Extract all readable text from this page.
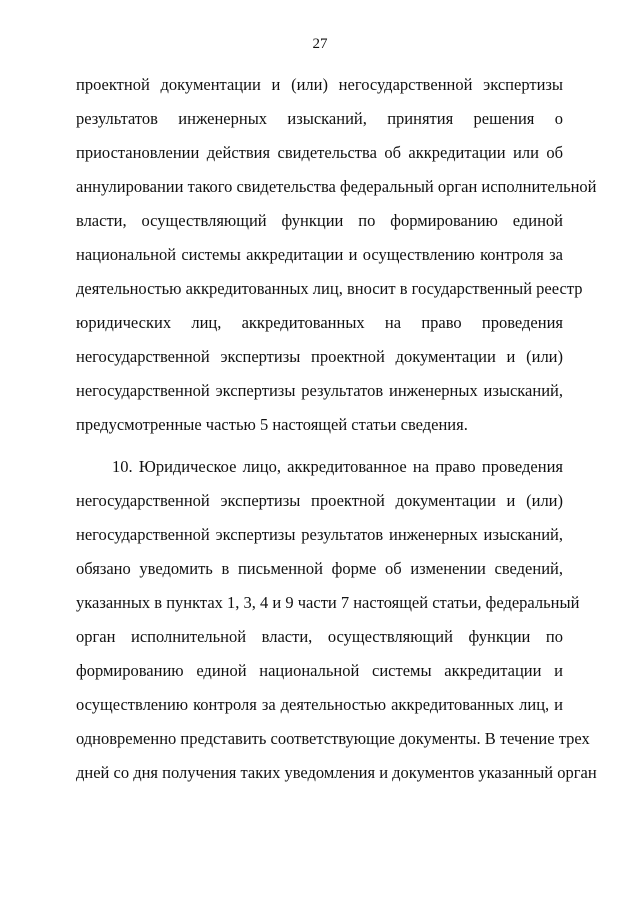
27
проектной документации и (или) негосударственной экспертизы
результатов инженерных изысканий, принятия решения о
приостановлении действия свидетельства об аккредитации или об
аннулировании такого свидетельства федеральный орган исполнительной
власти, осуществляющий функции по формированию единой
национальной системы аккредитации и осуществлению контроля за
деятельностью аккредитованных лиц, вносит в государственный реестр
юридических лиц, аккредитованных на право проведения
негосударственной экспертизы проектной документации и (или)
негосударственной экспертизы результатов инженерных изысканий,
предусмотренные частью 5 настоящей статьи сведения.
10. Юридическое лицо, аккредитованное на право проведения
негосударственной экспертизы проектной документации и (или)
негосударственной экспертизы результатов инженерных изысканий,
обязано уведомить в письменной форме об изменении сведений,
указанных в пунктах 1, 3, 4 и 9 части 7 настоящей статьи, федеральный
орган исполнительной власти, осуществляющий функции по
формированию единой национальной системы аккредитации и
осуществлению контроля за деятельностью аккредитованных лиц, и
одновременно представить соответствующие документы. В течение трех
дней со дня получения таких уведомления и документов указанный орган
